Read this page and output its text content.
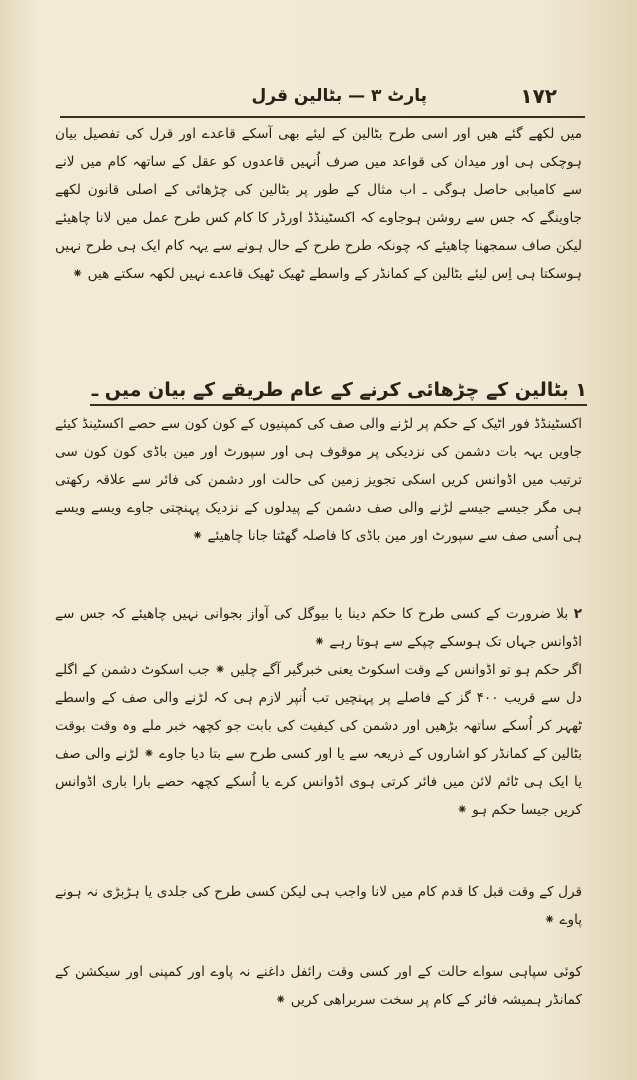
۱۷۲
پارٹ ۳ — بٹالین قرل

میں لکھے گئے ھیں اور اسی طرح بٹالین کے لیئے بھی آسکے قاعدے اور قرل کی تفصیل بیان ہوچکی ہی اور میدان کی قواعد میں صرف اُنہیں قاعدوں کو عقل کے ساتھہ کام میں لانے سے کامیابی حاصل ہوگی ـ اب مثال کے طور پر بٹالین کی چڑھائی کے اصلی قانون لکھے جاوینگے کہ جس سے روشن ہوجاوے کہ اکسٹینڈڈ اورڈر کا کام کس طرح عمل میں لانا چاھیئے لیکن صاف سمجھنا چاھیئے کہ چونکہ طرح طرح کے حال ہونے سے یہہ کام ایک ہی طرح نہیں ہوسکتا ہی اِس لیئے بٹالین کے کمانڈر کے واسطے ٹھیک ٹھیک قاعدے نہیں لکھہ سکتے ھیں ⁕

۱ بٹالین کے چڑھائی کرنے کے عام طریقے کے بیان میں ـ

اکسٹینڈڈ فور اٹیک کے حکم پر لڑنے والی صف کی کمپنیوں کے کون کون سے حصے اکسٹینڈ کیئے جاویں یہہ بات دشمن کی نزدیکی پر موقوف ہی اور سپورٹ اور مین باڈی کون کون سی ترتیب میں اڈوانس کریں اسکی تجویز زمین کی حالت اور دشمن کی فائر سے علاقہ رکھتی ہی مگر جیسے جیسے لڑنے والی صف دشمن کے پیدلوں کے نزدیک پہنچتی جاوے ویسے ویسے ہی اُسی صف سے سپورٹ اور مین باڈی کا فاصلہ گھٹتا جانا چاھیئے ⁕

۲ بلا ضرورت کے کسی طرح کا حکم دینا یا بیوگل کی آواز بجوانی نہیں چاھیئے کہ جس سے اڈوانس جہاں تک ہوسکے چپکے سے ہوتا رہے ⁕

اگر حکم ہو تو اڈوانس کے وقت اسکوٹ یعنی خبرگیر آگے چلیں ⁕ جب اسکوٹ دشمن کے اگلے دل سے قریب ۴۰۰ گز کے فاصلے پر پہنچیں تب اُنپر لازم ہی کہ لڑنے والی صف کے واسطے ٹھہر کر اُسکے ساتھہ بڑھیں اور دشمن کی کیفیت کی بابت جو کچھہ خبر ملے وہ وقت بوقت بٹالین کے کمانڈر کو اشاروں کے ذریعہ سے یا اور کسی طرح سے بتا دیا جاوے ⁕ لڑنے والی صف یا ایک ہی ٹائم لائن میں فائر کرتی ہوی اڈوانس کرے یا اُسکے کچھہ حصے بارا باری اڈوانس کریں جیسا حکم ہو ⁕

قرل کے وقت قبل کا قدم کام میں لانا واجب ہی لیکن کسی طرح کی جلدی یا ہڑبڑی نہ ہونے پاوے ⁕

کوئی سپاہی سواے حالت کے اور کسی وقت رائفل داغنے نہ پاوے اور کمپنی اور سیکشن کے کمانڈر ہمیشہ فائر کے کام پر سخت سربراھی کریں ⁕
